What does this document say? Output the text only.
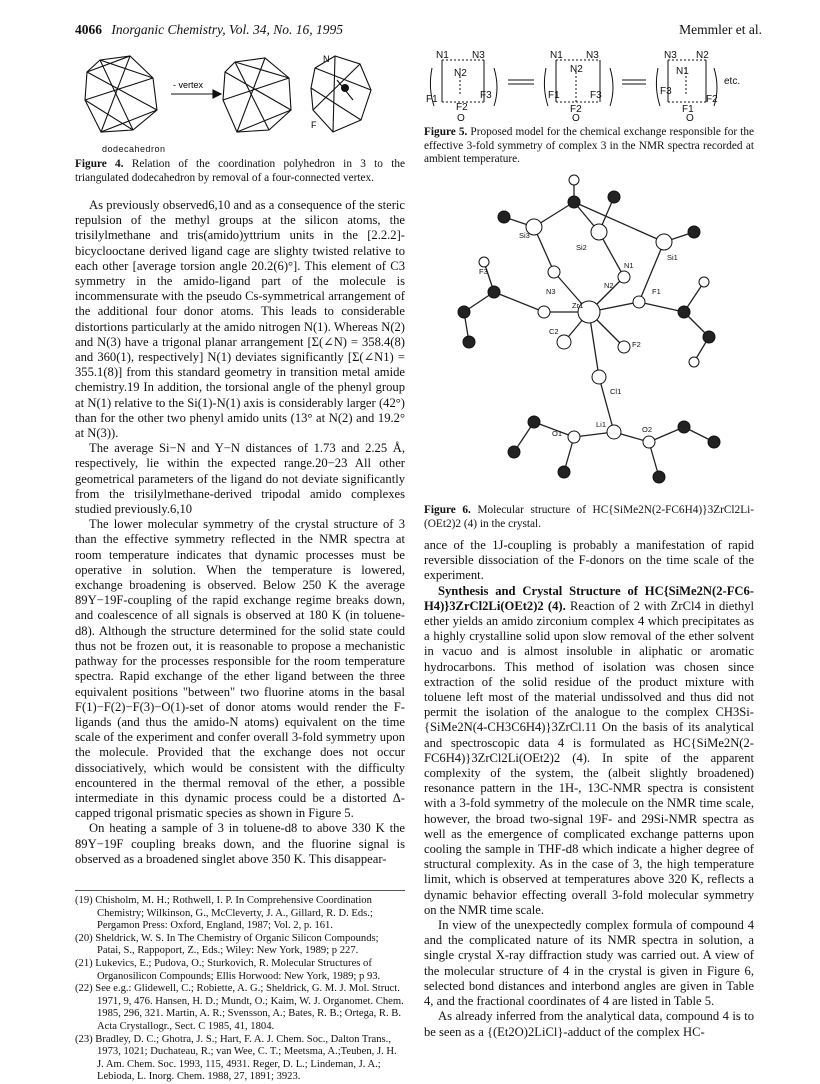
4066 Inorganic Chemistry, Vol. 34, No. 16, 1995	Memmler et al.
- vertex
N
F
dodecahedron
Figure 4. Relation of the coordination polyhedron in 3 to the triangulated dodecahedron by removal of a four-connected vertex.

As previously observed6,10 and as a consequence of the steric repulsion of the methyl groups at the silicon atoms, the trisilylmethane and tris(amido)yttrium units in the [2.2.2]-bicyclooctane derived ligand cage are slighty twisted relative to each other [average torsion angle 20.2(6)°]. This element of C3 symmetry in the amido-ligand part of the molecule is incommensurate with the pseudo Cs-symmetrical arrangement of the additional four donor atoms. This leads to considerable distortions particularly at the amido nitrogen N(1). Whereas N(2) and N(3) have a trigonal planar arrangement [Σ(∠N) = 358.4(8) and 360(1), respectively] N(1) deviates significantly [Σ(∠N1) = 355.1(8)] from this standard geometry in transition metal amide chemistry.19 In addition, the torsional angle of the phenyl group at N(1) relative to the Si(1)-N(1) axis is considerably larger (42°) than for the other two phenyl amido units (13° at N(2) and 19.2° at N(3)).

The average Si−N and Y−N distances of 1.73 and 2.25 Å, respectively, lie within the expected range.20−23 All other geometrical parameters of the ligand do not deviate significantly from the trisilylmethane-derived tripodal amido complexes studied previously.6,10

The lower molecular symmetry of the crystal structure of 3 than the effective symmetry reflected in the NMR spectra at room temperature indicates that dynamic processes must be operative in solution. When the temperature is lowered, exchange broadening is observed. Below 250 K the average 89Y−19F-coupling of the rapid exchange regime breaks down, and coalescence of all signals is observed at 180 K (in toluene-d8). Although the structure determined for the solid state could thus not be frozen out, it is reasonable to propose a mechanistic pathway for the processes responsible for the room temperature spectra. Rapid exchange of the ether ligand between the three equivalent positions "between" two fluorine atoms in the basal F(1)−F(2)−F(3)−O(1)-set of donor atoms would render the F-ligands (and thus the amido-N atoms) equivalent on the time scale of the experiment and confer overall 3-fold symmetry upon the molecule. Provided that the exchange does not occur dissociatively, which would be consistent with the difficulty encountered in the thermal removal of the ether, a possible intermediate in this dynamic process could be a distorted Δ-capped trigonal prismatic species as shown in Figure 5.

On heating a sample of 3 in toluene-d8 to above 330 K the 89Y−19F coupling breaks down, and the fluorine signal is observed as a broadened singlet above 350 K. This disappear-

(19) Chisholm, M. H.; Rothwell, I. P. In Comprehensive Coordination Chemistry; Wilkinson, G., McCleverty, J. A., Gillard, R. D. Eds.; Pergamon Press: Oxford, England, 1987; Vol. 2, p. 161.

(20) Sheldrick, W. S. In The Chemistry of Organic Silicon Compounds; Patai, S., Rappoport, Z., Eds.; Wiley: New York, 1989; p 227.

(21) Lukevics, E.; Pudova, O.; Sturkovich, R. Molecular Structures of Organosilicon Compounds; Ellis Horwood: New York, 1989; p 93.

(22) See e.g.: Glidewell, C.; Robiette, A. G.; Sheldrick, G. M. J. Mol. Struct. 1971, 9, 476. Hansen, H. D.; Mundt, O.; Kaim, W. J. Organomet. Chem. 1985, 296, 321. Martin, A. R.; Svensson, A.; Bates, R. B.; Ortega, R. B. Acta Crystallogr., Sect. C 1985, 41, 1804.

(23) Bradley, D. C.; Ghotra, J. S.; Hart, F. A. J. Chem. Soc., Dalton Trans., 1973, 1021; Duchateau, R.; van Wee, C. T.; Meetsma, A.;Teuben, J. H. J. Am. Chem. Soc. 1993, 115, 4931. Reger, D. L.; Lindeman, J. A.; Lebioda, L. Inorg. Chem. 1988, 27, 1891; 3923.

N1 N3
N2
F1	F3
F2
O
N1 N3
N2
F1	F3
F2
O
N3 N2
N1
F3
F2
F1
O
etc.
Figure 5. Proposed model for the chemical exchange responsible for the effective 3-fold symmetry of complex 3 in the NMR spectra recorded at ambient temperature.
Si3
Si2
Si1
N1
F3
N2
N3	F1
Zr1
C2
F2
Cl1
Li1
O1	O2
Figure 6. Molecular structure of HC{SiMe2N(2-FC6H4)}3ZrCl2Li-(OEt2)2 (4) in the crystal.

ance of the 1J-coupling is probably a manifestation of rapid reversible dissociation of the F-donors on the time scale of the experiment.

Synthesis and Crystal Structure of HC{SiMe2N(2-FC6-H4)}3ZrCl2Li(OEt2)2 (4). Reaction of 2 with ZrCl4 in diethyl ether yields an amido zirconium complex 4 which precipitates as a highly crystalline solid upon slow removal of the ether solvent in vacuo and is almost insoluble in aliphatic or aromatic hydrocarbons. This method of isolation was chosen since extraction of the solid residue of the product mixture with toluene left most of the material undissolved and thus did not permit the isolation of the analogue to the complex CH3Si-{SiMe2N(4-CH3C6H4)}3ZrCl.11 On the basis of its analytical and spectroscopic data 4 is formulated as HC{SiMe2N(2-FC6H4)}3ZrCl2Li(OEt2)2 (4). In spite of the apparent complexity of the system, the (albeit slightly broadened) resonance pattern in the 1H-, 13C-NMR spectra is consistent with a 3-fold symmetry of the molecule on the NMR time scale, however, the broad two-signal 19F- and 29Si-NMR spectra as well as the emergence of complicated exchange patterns upon cooling the sample in THF-d8 which indicate a higher degree of structural complexity. As in the case of 3, the high temperature limit, which is observed at temperatures above 320 K, reflects a dynamic behavior effecting overall 3-fold molecular symmetry on the NMR time scale.

In view of the unexpectedly complex formula of compound 4 and the complicated nature of its NMR spectra in solution, a single crystal X-ray diffraction study was carried out. A view of the molecular structure of 4 in the crystal is given in Figure 6, selected bond distances and interbond angles are given in Table 4, and the fractional coordinates of 4 are listed in Table 5.

As already inferred from the analytical data, compound 4 is to be seen as a {(Et2O)2LiCl}-adduct of the complex HC-
